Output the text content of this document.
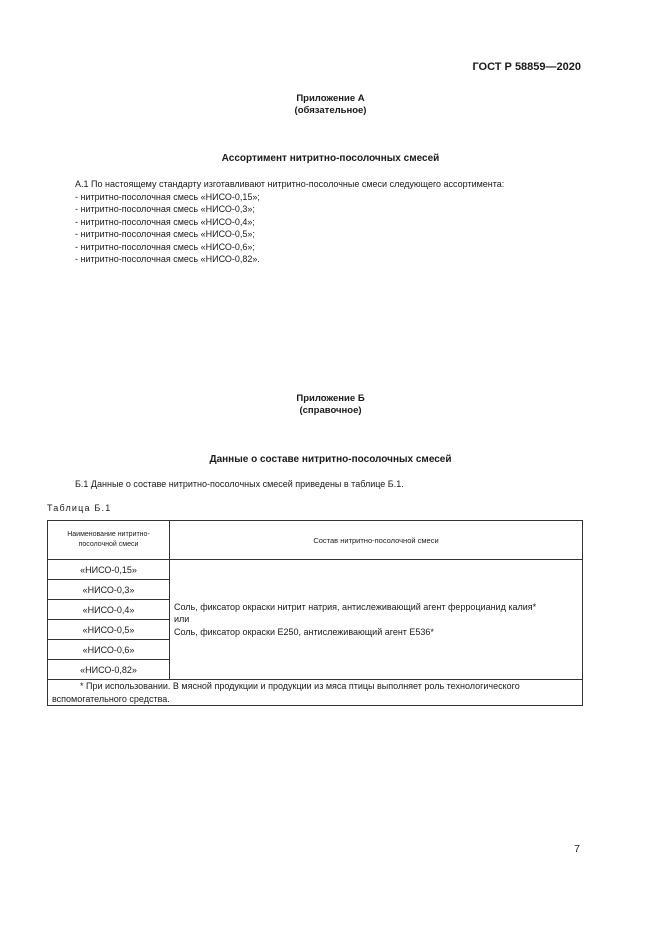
ГОСТ Р 58859—2020
Приложение А
(обязательное)
Ассортимент нитритно-посолочных смесей
А.1 По настоящему стандарту изготавливают нитритно-посолочные смеси следующего ассортимента:
- нитритно-посолочная смесь «НИСО-0,15»;
- нитритно-посолочная смесь «НИСО-0,3»;
- нитритно-посолочная смесь «НИСО-0,4»;
- нитритно-посолочная смесь «НИСО-0,5»;
- нитритно-посолочная смесь «НИСО-0,6»;
- нитритно-посолочная смесь «НИСО-0,82».
Приложение Б
(справочное)
Данные о составе нитритно-посолочных смесей
Б.1 Данные о составе нитритно-посолочных смесей приведены в таблице Б.1.
Таблица Б.1
Наименование нитритно-посолочной смеси	Состав нитритно-посолочной смеси
«НИСО-0,15»	Соль, фиксатор окраски нитрит натрия, антислеживающий агент ферроцианид калия*
или
Соль, фиксатор окраски Е250, антислеживающий агент Е536*

«НИСО-0,3»	
«НИСО-0,4»	
«НИСО-0,5»	
«НИСО-0,6»	
«НИСО-0,82»	
* При использовании. В мясной продукции и продукции из мяса птицы выполняет роль технологического вспомогательного средства.	
7
